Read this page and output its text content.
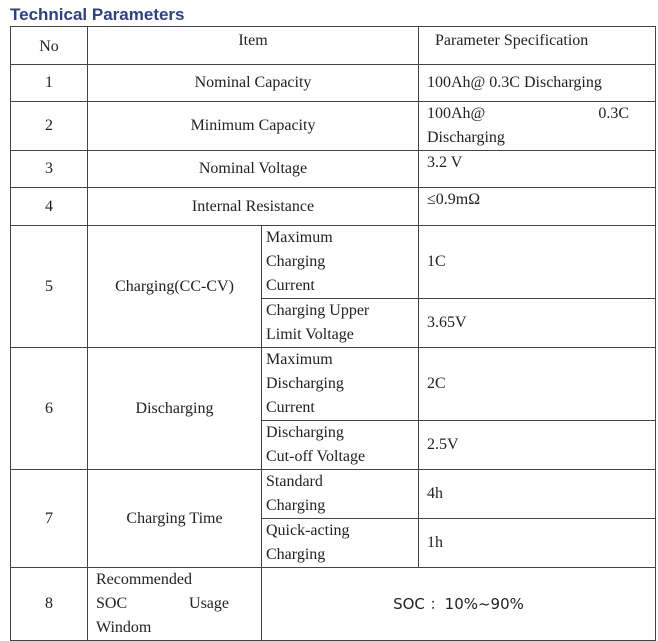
Technical Parameters
No	Item		Parameter Specification
1	Nominal Capacity		100Ah@ 0.3C Discharging
2	Minimum Capacity		100Ah@ 0.3C
Discharging

3	Nominal Voltage		3.2 V
4	Internal Resistance		≤0.9mΩ
5	Charging(CC-CV)	Maximum
Charging
Current	1C

		Charging Upper
Limit Voltage	3.65V
6	Discharging	Maximum
Discharging
Current	2C

		Discharging
Cut-off Voltage	2.5V
7	Charging Time	Standard
Charging	4h

		Quick-acting
Charging	1h
8	Recommended
SOC Usage
Windom	SOC ：10%~90%	
